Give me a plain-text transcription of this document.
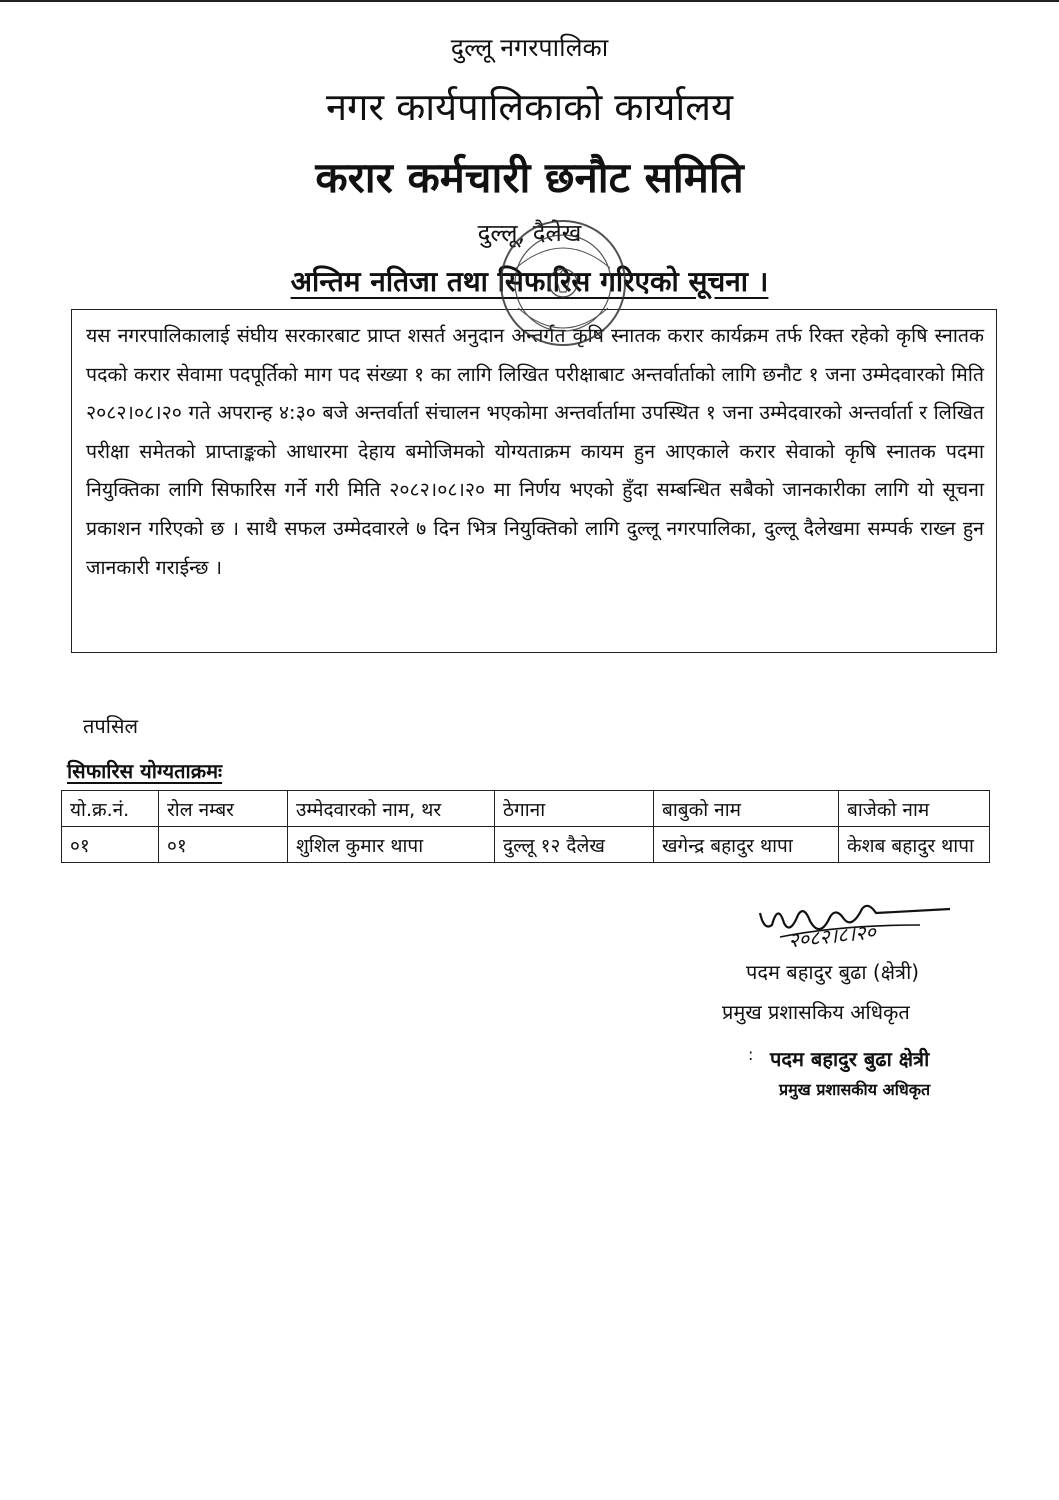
दुल्लू नगरपालिका
नगर कार्यपालिकाको कार्यालय
करार कर्मचारी छनौट समिति
दुल्लू, दैलेख
अन्तिम नतिजा तथा सिफारिस गरिएको सूचना ।
यस नगरपालिकालाई संघीय सरकारबाट प्राप्त शसर्त अनुदान अन्तर्गत कृषि स्नातक करार कार्यक्रम तर्फ रिक्त रहेको कृषि स्नातक पदको करार सेवामा पदपूर्तिको माग पद संख्या १ का लागि लिखित परीक्षाबाट अन्तर्वार्ताको लागि छनौट १ जना उम्मेदवारको मिति २०८२।०८।२० गते अपरान्ह ४:३० बजे अन्तर्वार्ता संचालन भएकोमा अन्तर्वार्तामा उपस्थित १ जना उम्मेदवारको अन्तर्वार्ता र लिखित परीक्षा समेतको प्राप्ताङ्कको आधारमा देहाय बमोजिमको योग्यताक्रम कायम हुन आएकाले करार सेवाको कृषि स्नातक पदमा नियुक्तिका लागि सिफारिस गर्ने गरी मिति २०८२।०८।२० मा निर्णय भएको हुँदा सम्बन्धित सबैको जानकारीका लागि यो सूचना प्रकाशन गरिएको छ । साथै सफल उम्मेदवारले ७ दिन भित्र नियुक्तिको लागि दुल्लू नगरपालिका, दुल्लू दैलेखमा सम्पर्क राख्न हुन जानकारी गराईन्छ ।
तपसिल
सिफारिस योग्यताक्रमः
यो.क्र.नं.	रोल नम्बर	उम्मेदवारको नाम, थर	ठेगाना	बाबुको नाम	बाजेको नाम
०१	०१	शुशिल कुमार थापा	दुल्लू १२ दैलेख	खगेन्द्र बहादुर थापा	केशब बहादुर थापा
२०८२।८।२०
पदम बहादुर बुढा (क्षेत्री)
प्रमुख प्रशासकिय अधिकृत
: पदम बहादुर बुढा क्षेत्री
प्रमुख प्रशासकीय अधिकृत
